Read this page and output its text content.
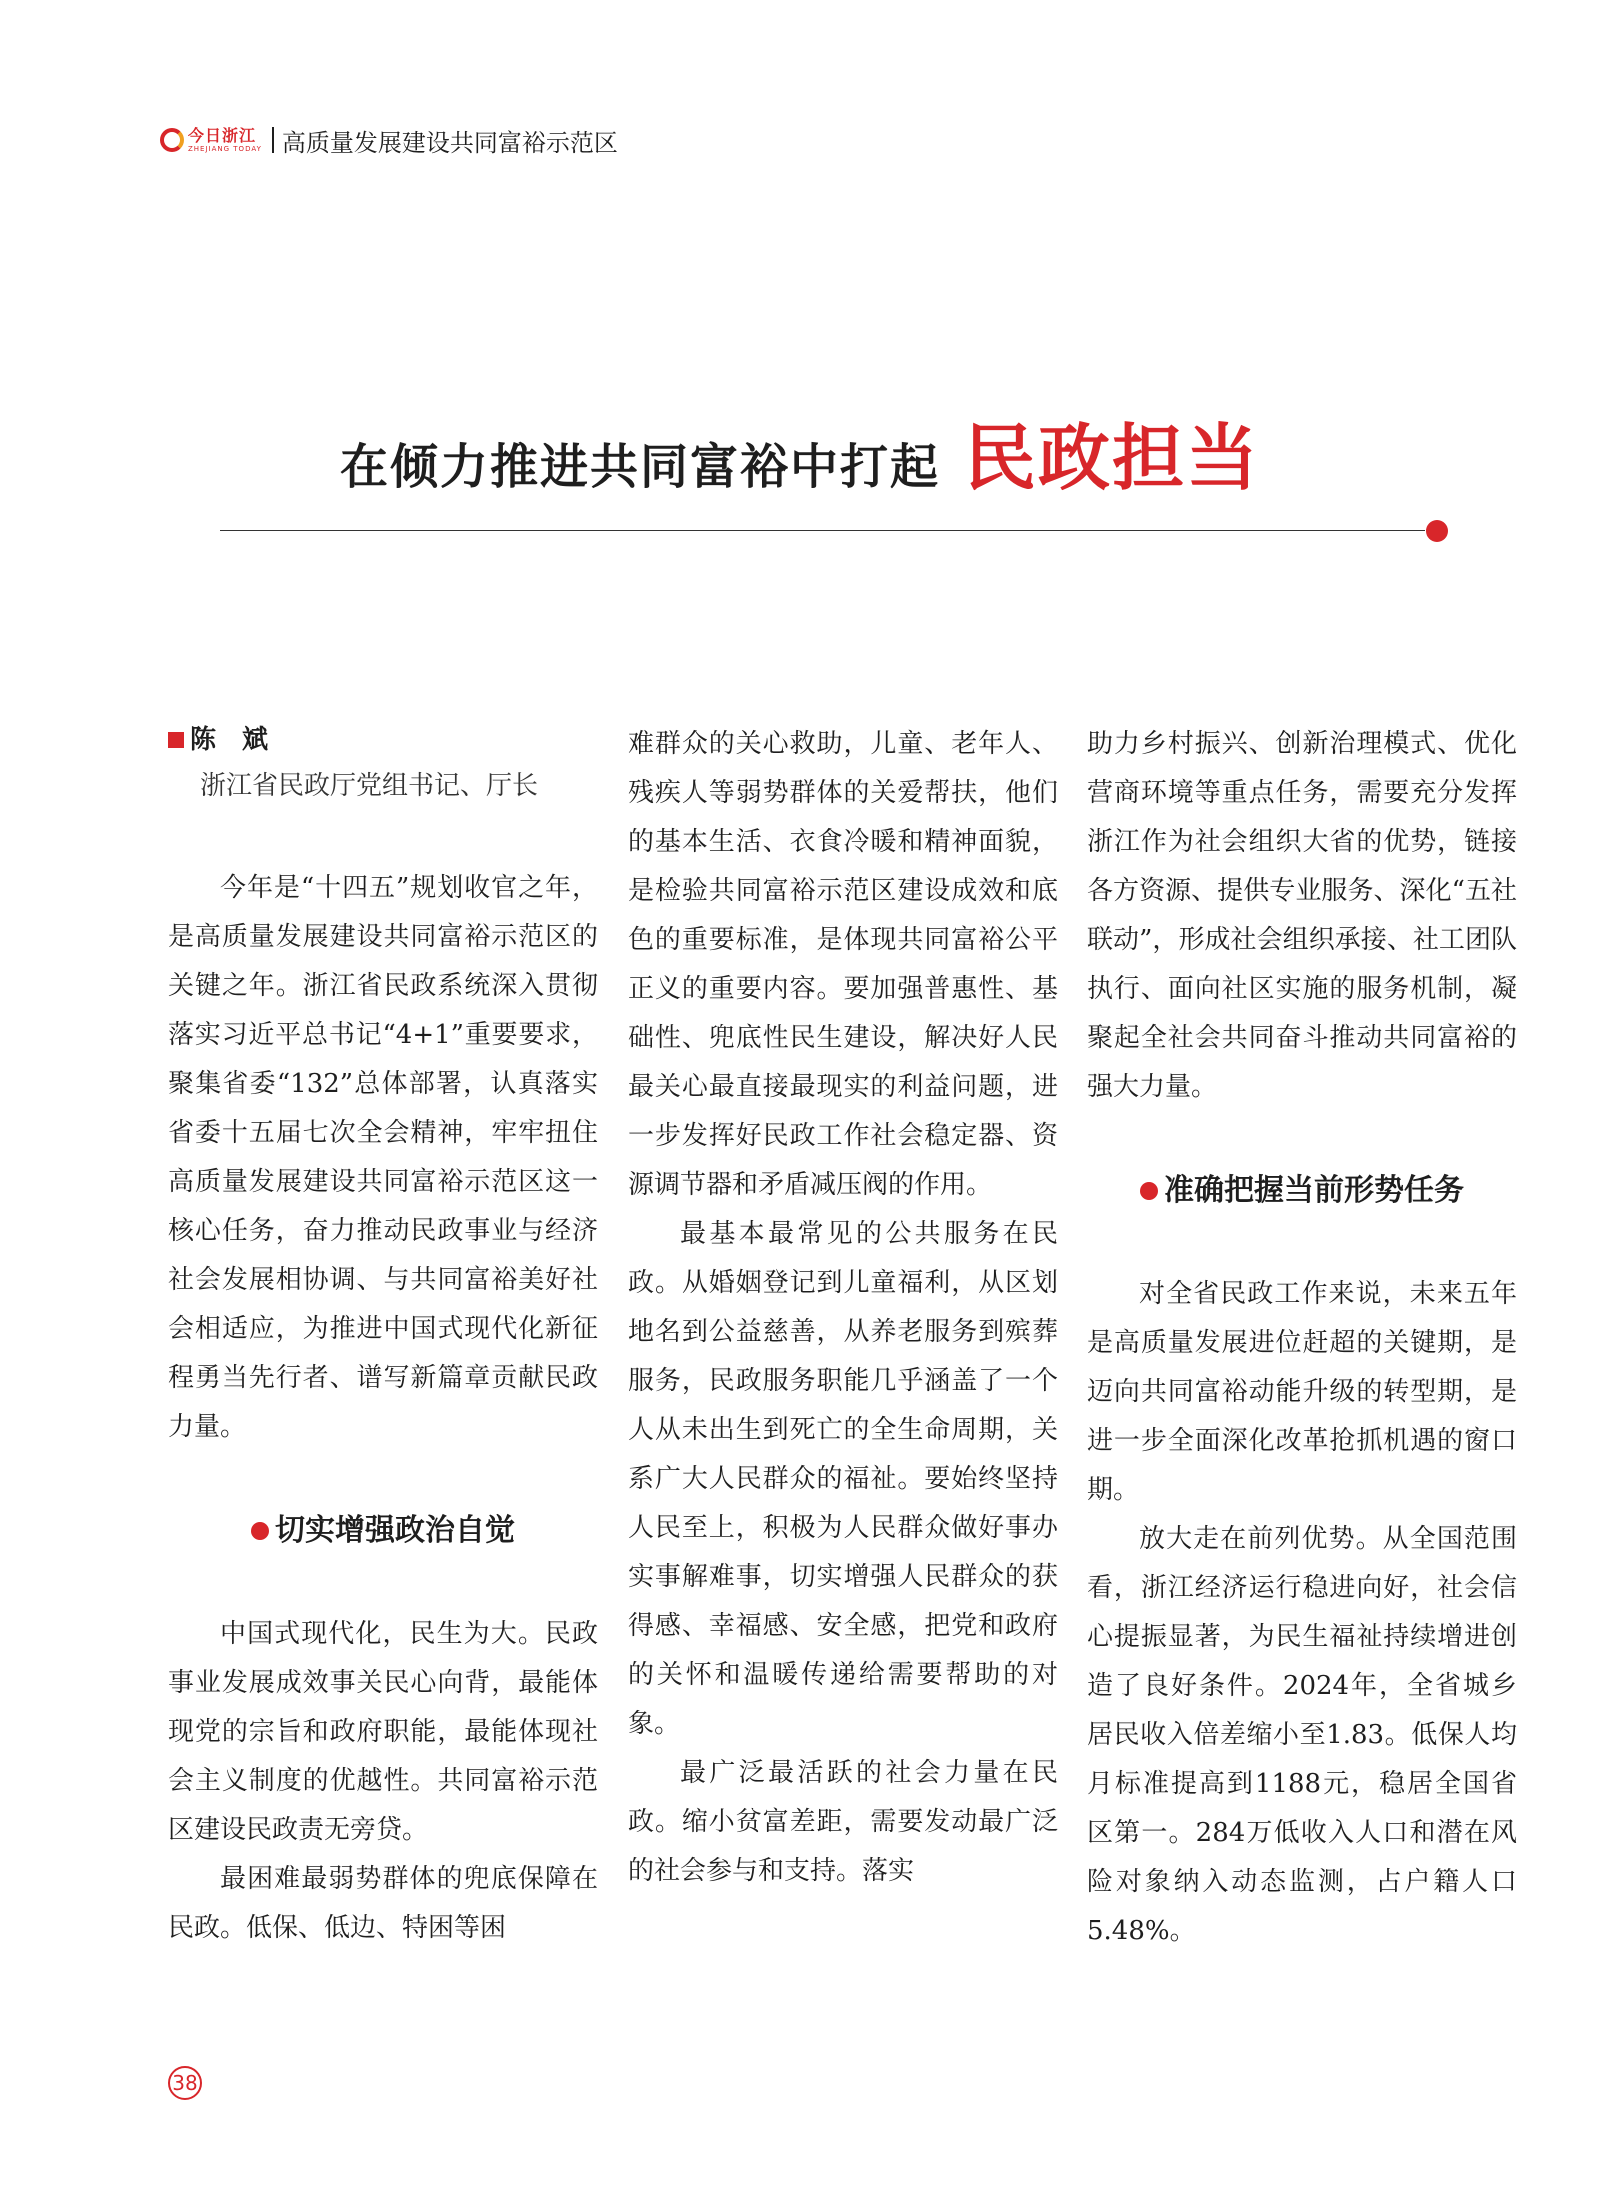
今日浙江
ZHEJIANG TODAY 高质量发展建设共同富裕示范区
在倾力推进共同富裕中打起 民政担当
陈　斌
浙江省民政厅党组书记、厅长

今年是“十四五”规划收官之年，是高质量发展建设共同富裕示范区的关键之年。浙江省民政系统深入贯彻落实习近平总书记“4+1”重要要求，聚集省委“132”总体部署，认真落实省委十五届七次全会精神，牢牢扭住高质量发展建设共同富裕示范区这一核心任务，奋力推动民政事业与经济社会发展相协调、与共同富裕美好社会相适应，为推进中国式现代化新征程勇当先行者、谱写新篇章贡献民政力量。

切实增强政治自觉

中国式现代化，民生为大。民政事业发展成效事关民心向背，最能体现党的宗旨和政府职能，最能体现社会主义制度的优越性。共同富裕示范区建设民政责无旁贷。

最困难最弱势群体的兜底保障在民政。低保、低边、特困等困

难群众的关心救助，儿童、老年人、残疾人等弱势群体的关爱帮扶，他们的基本生活、衣食冷暖和精神面貌，是检验共同富裕示范区建设成效和底色的重要标准，是体现共同富裕公平正义的重要内容。要加强普惠性、基础性、兜底性民生建设，解决好人民最关心最直接最现实的利益问题，进一步发挥好民政工作社会稳定器、资源调节器和矛盾减压阀的作用。

最基本最常见的公共服务在民政。从婚姻登记到儿童福利，从区划地名到公益慈善，从养老服务到殡葬服务，民政服务职能几乎涵盖了一个人从未出生到死亡的全生命周期，关系广大人民群众的福祉。要始终坚持人民至上，积极为人民群众做好事办实事解难事，切实增强人民群众的获得感、幸福感、安全感，把党和政府的关怀和温暖传递给需要帮助的对象。

最广泛最活跃的社会力量在民政。缩小贫富差距，需要发动最广泛的社会参与和支持。落实

助力乡村振兴、创新治理模式、优化营商环境等重点任务，需要充分发挥浙江作为社会组织大省的优势，链接各方资源、提供专业服务、深化“五社联动”，形成社会组织承接、社工团队执行、面向社区实施的服务机制，凝聚起全社会共同奋斗推动共同富裕的强大力量。

准确把握当前形势任务

对全省民政工作来说，未来五年是高质量发展进位赶超的关键期，是迈向共同富裕动能升级的转型期，是进一步全面深化改革抢抓机遇的窗口期。

放大走在前列优势。从全国范围看，浙江经济运行稳进向好，社会信心提振显著，为民生福祉持续增进创造了良好条件。2024年，全省城乡居民收入倍差缩小至1.83。低保人均月标准提高到1188元，稳居全国省区第一。284万低收入人口和潜在风险对象纳入动态监测，占户籍人口5.48%。

38
